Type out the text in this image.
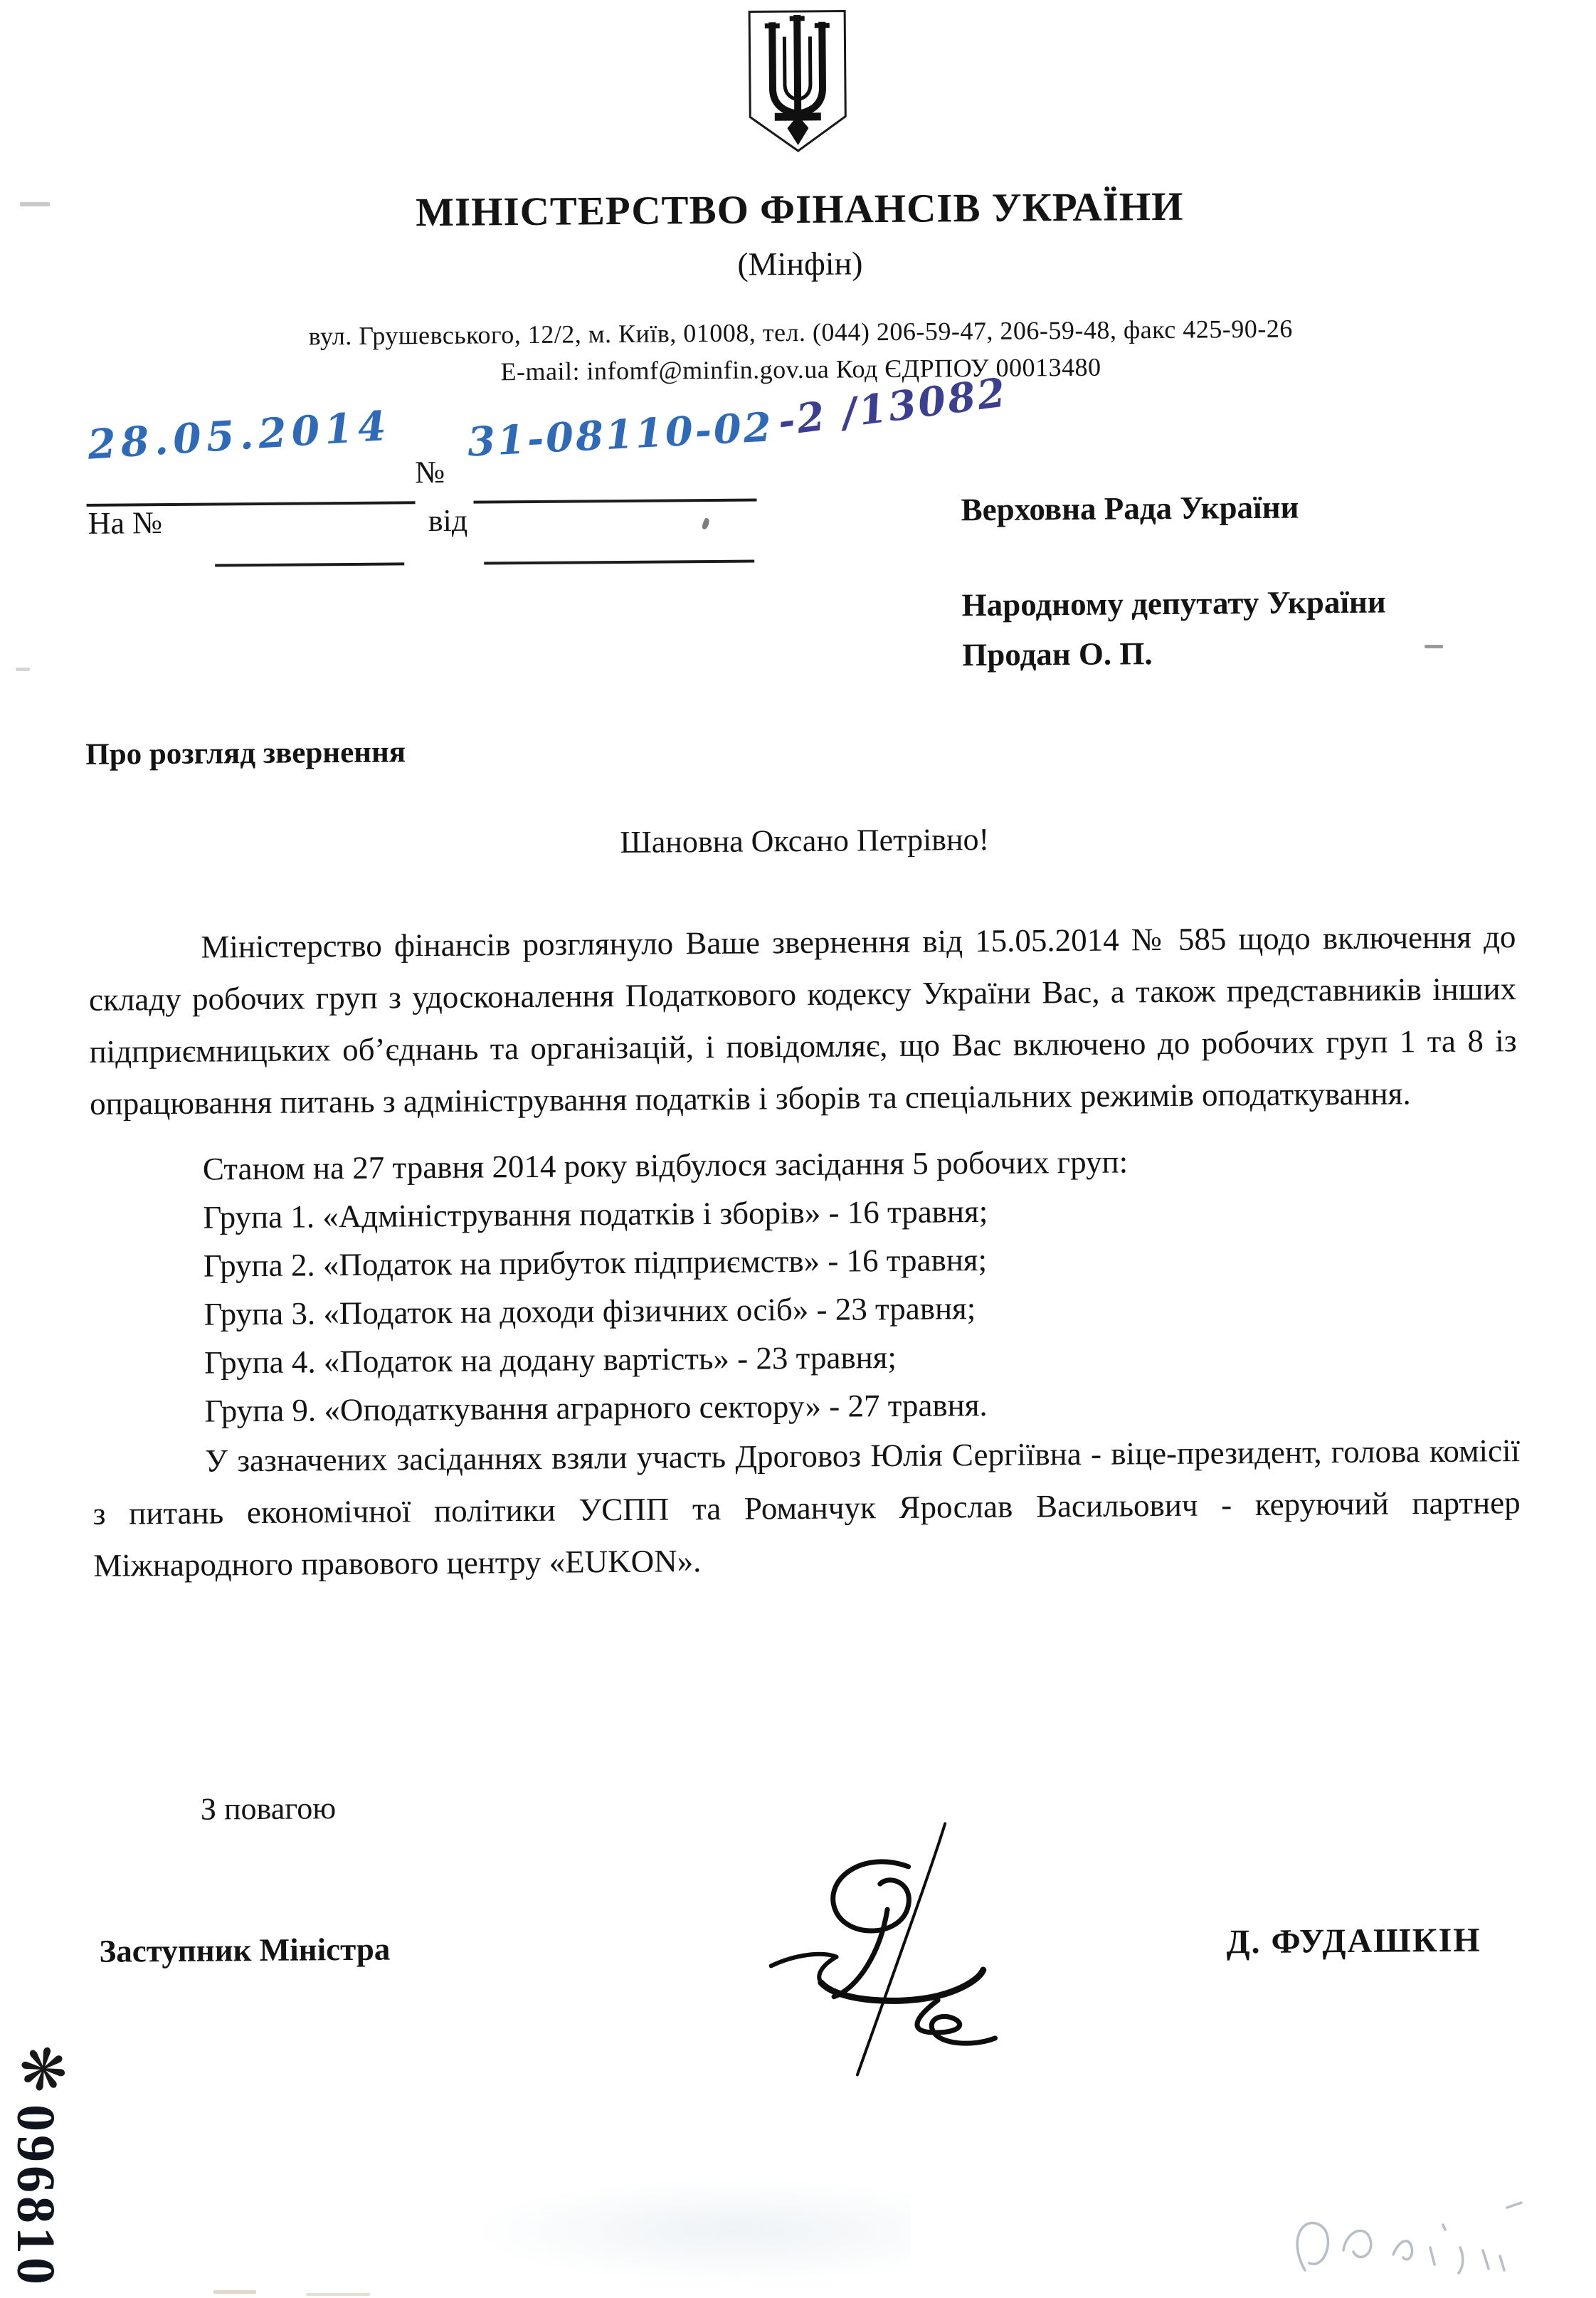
МІНІСТЕРСТВО ФІНАНСІВ УКРАЇНИ
(Мінфін)
вул. Грушевського, 12/2, м. Київ, 01008, тел. (044) 206-59-47, 206-59-48, факс 425-90-26
E-mail: infomf@minfin.gov.ua Код ЄДРПОУ 00013480
28.05.2014
№
31-08110-02 -2 /13082
На №	від	Верховна Рада України
Народному депутату України
Продан О. П.
Про розгляд звернення
Шановна Оксано Петрівно!

Міністерство фінансів розглянуло Ваше звернення від 15.05.2014 № 585 щодо включення до складу робочих груп з удосконалення Податкового кодексу України Вас, а також представників інших підприємницьких об’єднань та організацій, і повідомляє, що Вас включено до робочих груп 1 та 8 із опрацювання питань з адміністрування податків і зборів та спеціальних режимів оподаткування.

Станом на 27 травня 2014 року відбулося засідання 5 робочих груп:
Група 1. «Адміністрування податків і зборів» - 16 травня;
Група 2. «Податок на прибуток підприємств» - 16 травня;
Група 3. «Податок на доходи фізичних осіб» - 23 травня;
Група 4. «Податок на додану вартість» - 23 травня;
Група 9. «Оподаткування аграрного сектору» - 27 травня.

У зазначених засіданнях взяли участь Дроговоз Юлія Сергіївна - віце-президент, голова комісії з питань економічної політики УСПП та Романчук Ярослав Васильович - керуючий партнер Міжнародного правового центру «EUKON».

З повагою
Заступник Міністра	Д. ФУДАШКІН
❋
096810
